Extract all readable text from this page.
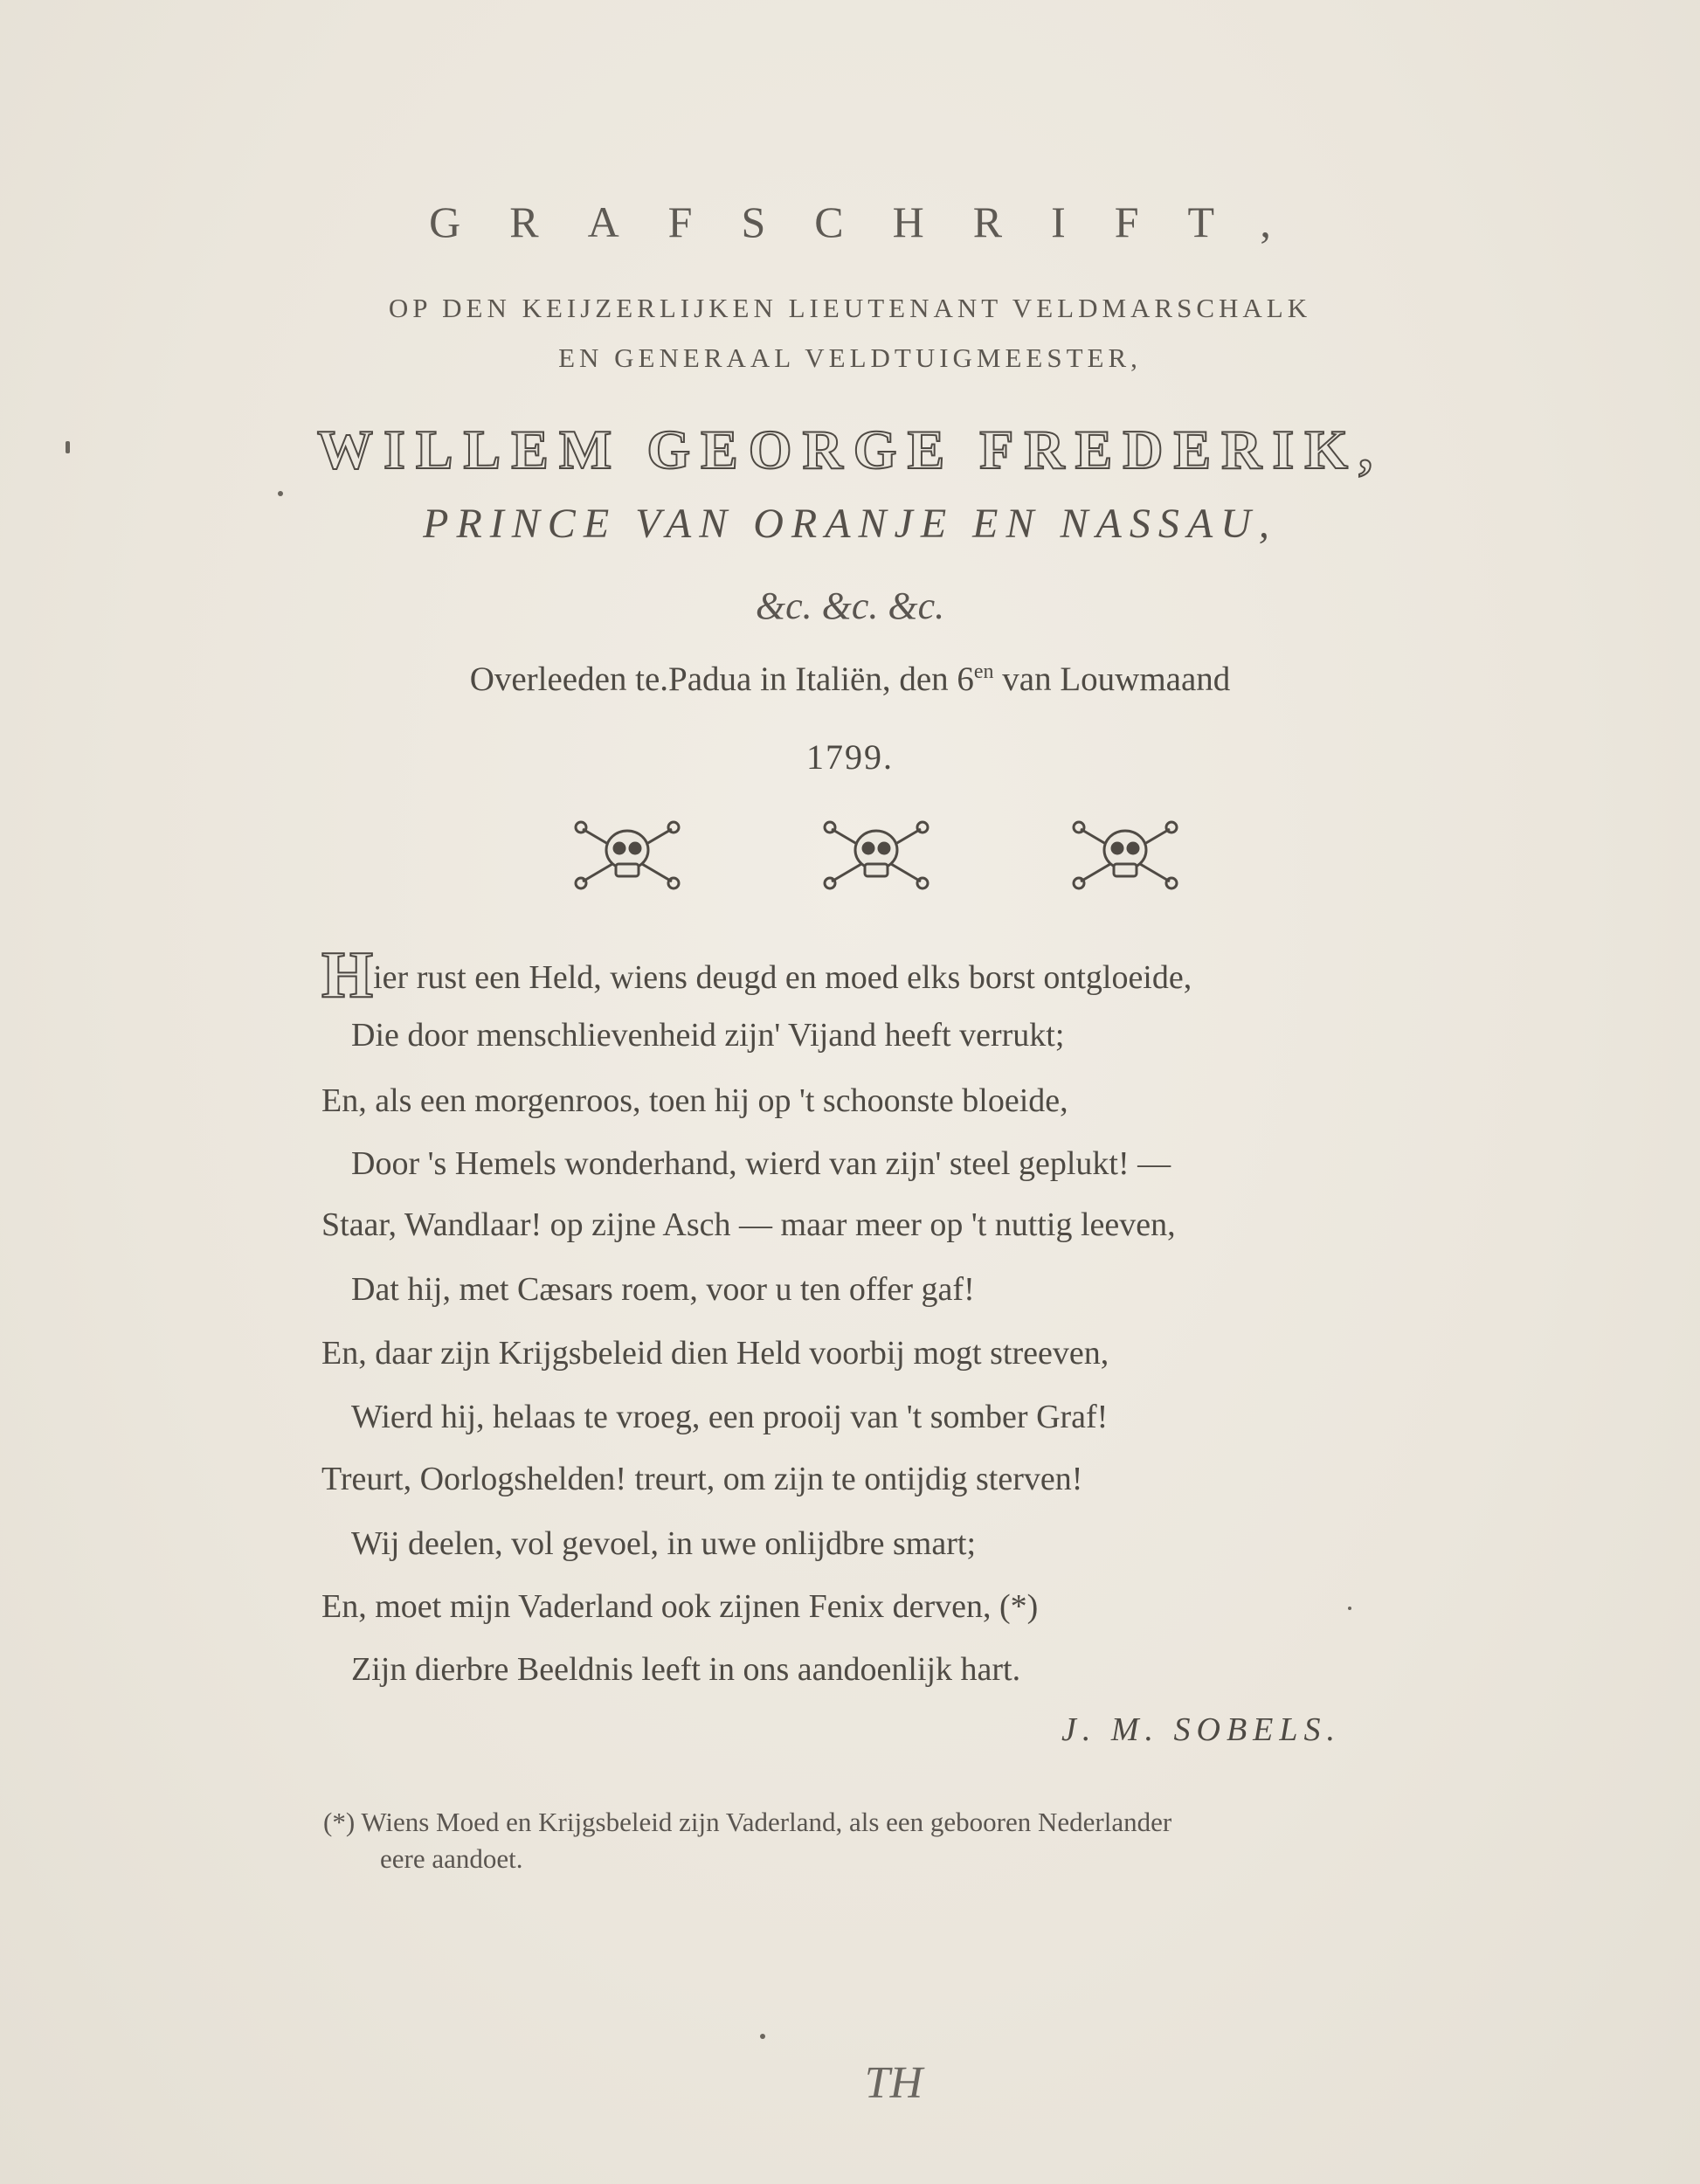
GRAFSCHRIFT,
OP DEN KEIJZERLIJKEN LIEUTENANT VELDMARSCHALK
EN GENERAAL VELDTUIGMEESTER,
WILLEM GEORGE FREDERIK,
PRINCE VAN ORANJE EN NASSAU,
&c. &c. &c.
Overleeden te.Padua in Italiën, den $6^{en}$ van Louwmaand
1799.
Hier rust een Held, wiens deugd en moed elks borst ontgloeide,
Die door menschlievenheid zijn' Vijand heeft verrukt;
En, als een morgenroos, toen hij op 't schoonste bloeide,
Door 's Hemels wonderhand, wierd van zijn' steel geplukt! —
Staar, Wandlaar! op zijne Asch — maar meer op 't nuttig leeven,
Dat hij, met Cæsars roem, voor u ten offer gaf!
En, daar zijn Krijgsbeleid dien Held voorbij mogt streeven,
Wierd hij, helaas te vroeg, een prooij van 't somber Graf!
Treurt, Oorlogshelden! treurt, om zijn te ontijdig sterven!
Wij deelen, vol gevoel, in uwe onlijdbre smart;
En, moet mijn Vaderland ook zijnen Fenix derven, (*)
Zijn dierbre Beeldnis leeft in ons aandoenlijk hart.
J. M. SOBELS.
(*) Wiens Moed en Krijgsbeleid zijn Vaderland, als een gebooren Nederlander
eere aandoet.
TH
